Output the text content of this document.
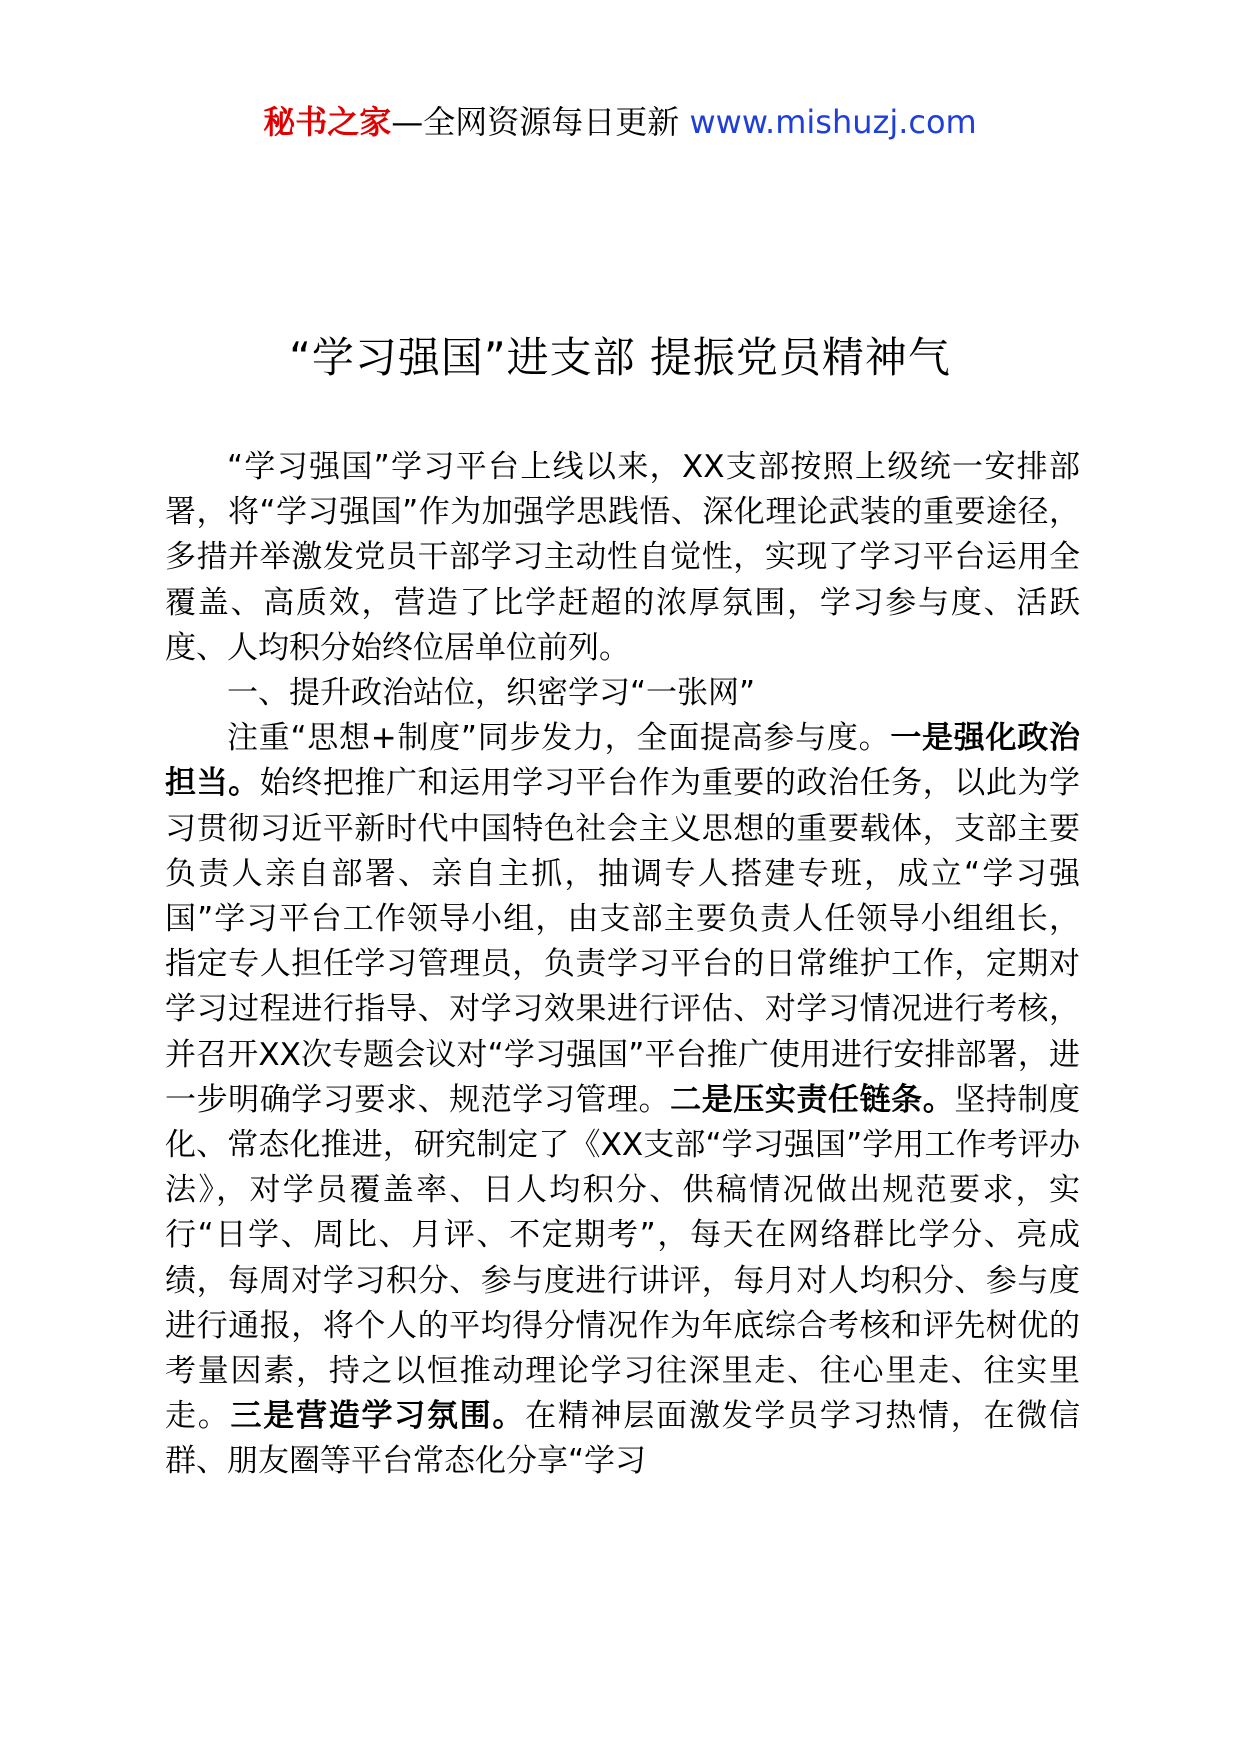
秘书之家—全网资源每日更新 www.mishuzj.com
“学习强国”进支部 提振党员精神气

“学习强国”学习平台上线以来，XX支部按照上级统一安排部署，将“学习强国”作为加强学思践悟、深化理论武装的重要途径，多措并举激发党员干部学习主动性自觉性，实现了学习平台运用全覆盖、高质效，营造了比学赶超的浓厚氛围，学习参与度、活跃度、人均积分始终位居单位前列。

一、提升政治站位，织密学习“一张网”

注重“思想+制度”同步发力，全面提高参与度。一是强化政治担当。始终把推广和运用学习平台作为重要的政治任务，以此为学习贯彻习近平新时代中国特色社会主义思想的重要载体，支部主要负责人亲自部署、亲自主抓，抽调专人搭建专班，成立“学习强国”学习平台工作领导小组，由支部主要负责人任领导小组组长，指定专人担任学习管理员，负责学习平台的日常维护工作，定期对学习过程进行指导、对学习效果进行评估、对学习情况进行考核，并召开XX次专题会议对“学习强国”平台推广使用进行安排部署，进一步明确学习要求、规范学习管理。二是压实责任链条。坚持制度化、常态化推进，研究制定了《XX支部“学习强国”学用工作考评办法》，对学员覆盖率、日人均积分、供稿情况做出规范要求，实行“日学、周比、月评、不定期考”，每天在网络群比学分、亮成绩，每周对学习积分、参与度进行讲评，每月对人均积分、参与度进行通报，将个人的平均得分情况作为年底综合考核和评先树优的考量因素，持之以恒推动理论学习往深里走、往心里走、往实里走。三是营造学习氛围。在精神层面激发学员学习热情，在微信群、朋友圈等平台常态化分享“学习
